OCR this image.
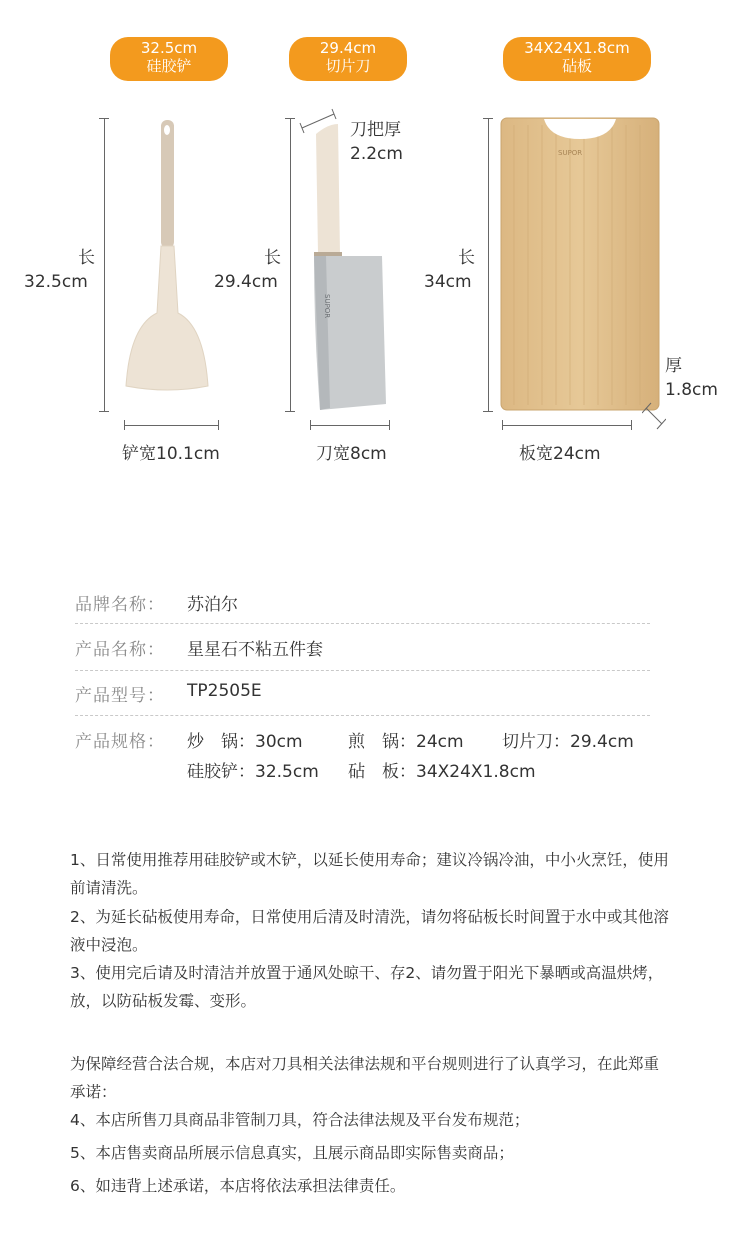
32.5cm
硅胶铲
29.4cm
切片刀
34X24X1.8cm
砧板
长
32.5cm
铲宽10.1cm
长
29.4cm
SUPOR
刀把厚
2.2cm
刀宽8cm
长
34cm
SUPOR
厚
1.8cm
板宽24cm
品牌名称： 苏泊尔
产品名称： 星星石不粘五件套
产品型号： TP2505E
产品规格： 炒　锅：30cm	煎　锅：24cm 切片刀：29.4cm
硅胶铲：32.5cm 砧　板：34X24X1.8cm
1、日常使用推荐用硅胶铲或木铲，以延长使用寿命；建议冷锅冷油，中小火烹饪，使用前请清洗。
2、为延长砧板使用寿命，日常使用后清及时清洗，请勿将砧板长时间置于水中或其他溶液中浸泡。
3、使用完后请及时清洁并放置于通风处晾干、存2、请勿置于阳光下暴晒或高温烘烤，放，以防砧板发霉、变形。
为保障经营合法合规，本店对刀具相关法律法规和平台规则进行了认真学习，在此郑重承诺：
4、本店所售刀具商品非管制刀具，符合法律法规及平台发布规范；
5、本店售卖商品所展示信息真实，且展示商品即实际售卖商品；
6、如违背上述承诺，本店将依法承担法律责任。
